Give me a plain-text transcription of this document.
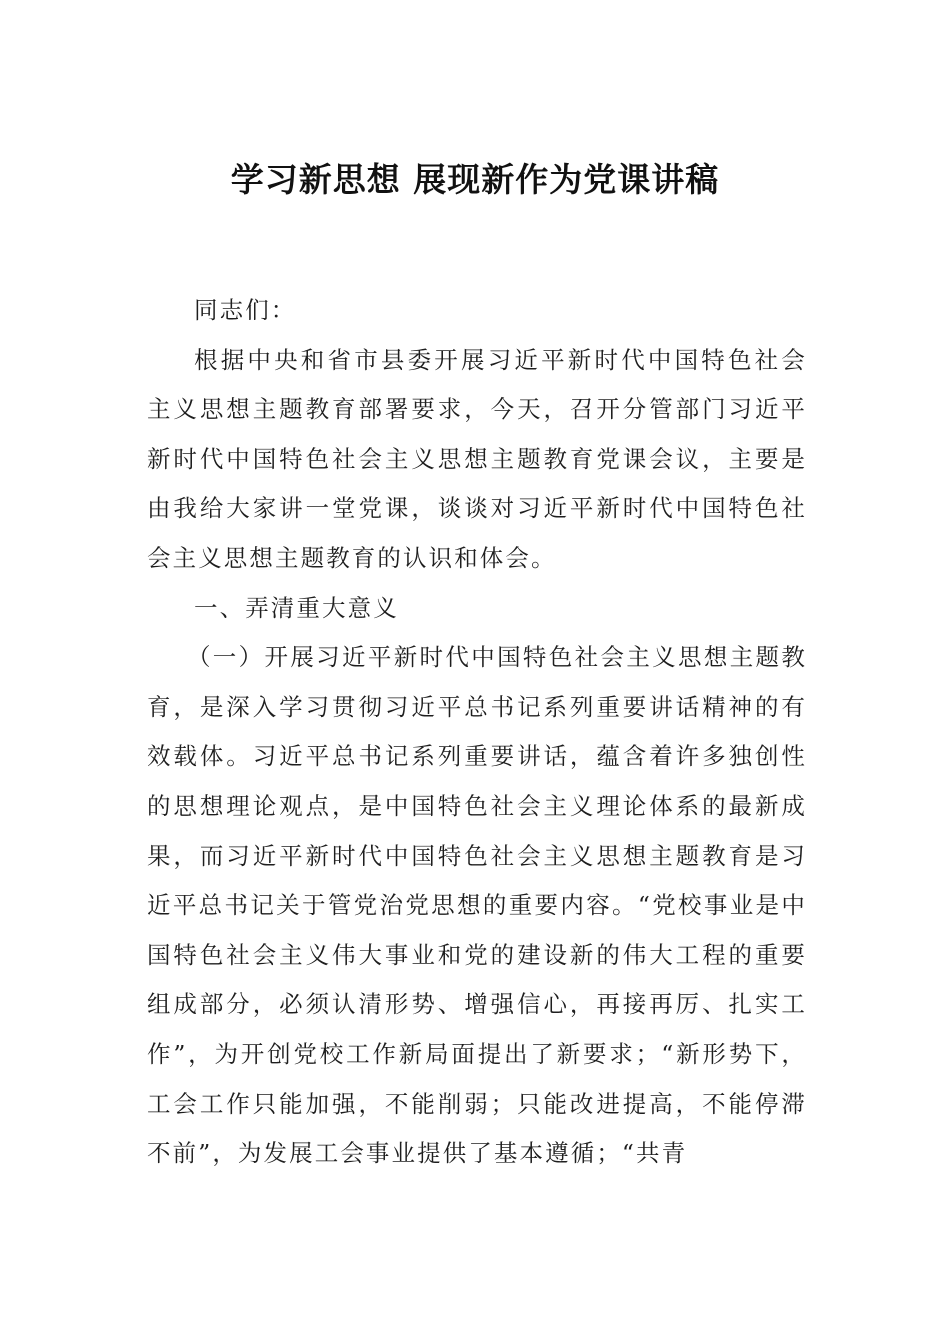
学习新思想 展现新作为党课讲稿

同志们：

根据中央和省市县委开展习近平新时代中国特色社会主义思想主题教育部署要求，今天，召开分管部门习近平新时代中国特色社会主义思想主题教育党课会议，主要是由我给大家讲一堂党课，谈谈对习近平新时代中国特色社会主义思想主题教育的认识和体会。

一、弄清重大意义

（一）开展习近平新时代中国特色社会主义思想主题教育，是深入学习贯彻习近平总书记系列重要讲话精神的有效载体。习近平总书记系列重要讲话，蕴含着许多独创性的思想理论观点，是中国特色社会主义理论体系的最新成果，而习近平新时代中国特色社会主义思想主题教育是习近平总书记关于管党治党思想的重要内容。“党校事业是中国特色社会主义伟大事业和党的建设新的伟大工程的重要组成部分，必须认清形势、增强信心，再接再厉、扎实工作”，为开创党校工作新局面提出了新要求；“新形势下，工会工作只能加强，不能削弱；只能改进提高，不能停滞不前”，为发展工会事业提供了基本遵循；“共青
